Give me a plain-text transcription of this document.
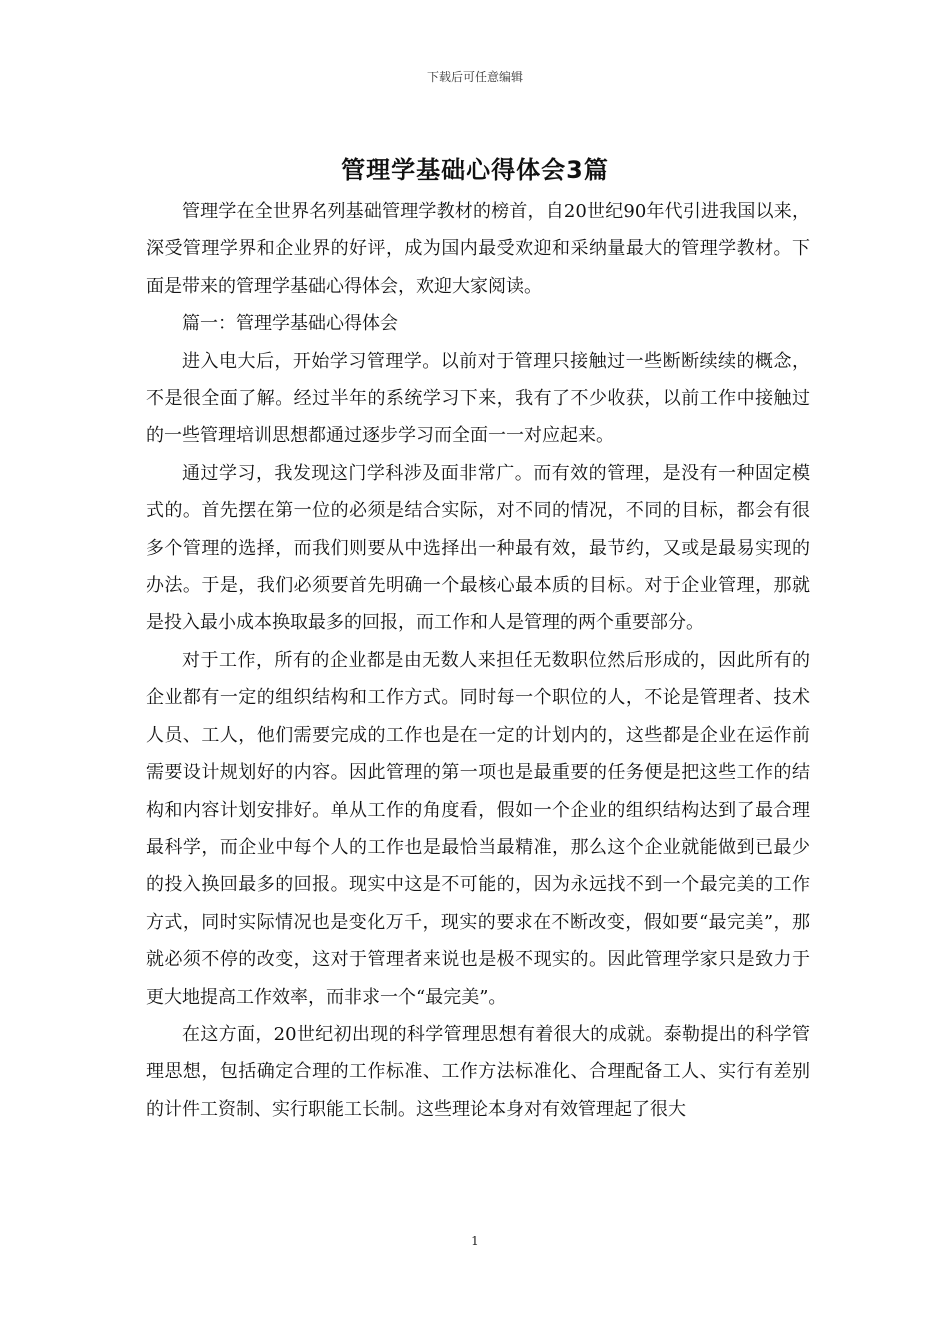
下载后可任意编辑
管理学基础心得体会3篇

管理学在全世界名列基础管理学教材的榜首，自20世纪90年代引进我国以来，深受管理学界和企业界的好评，成为国内最受欢迎和采纳量最大的管理学教材。下面是带来的管理学基础心得体会，欢迎大家阅读。

篇一：管理学基础心得体会

进入电大后，开始学习管理学。以前对于管理只接触过一些断断续续的概念，不是很全面了解。经过半年的系统学习下来，我有了不少收获，以前工作中接触过的一些管理培训思想都通过逐步学习而全面一一对应起来。

通过学习，我发现这门学科涉及面非常广。而有效的管理，是没有一种固定模式的。首先摆在第一位的必须是结合实际，对不同的情况，不同的目标，都会有很多个管理的选择，而我们则要从中选择出一种最有效，最节约，又或是最易实现的办法。于是，我们必须要首先明确一个最核心最本质的目标。对于企业管理，那就是投入最小成本换取最多的回报，而工作和人是管理的两个重要部分。

对于工作，所有的企业都是由无数人来担任无数职位然后形成的，因此所有的企业都有一定的组织结构和工作方式。同时每一个职位的人，不论是管理者、技术人员、工人，他们需要完成的工作也是在一定的计划内的，这些都是企业在运作前需要设计规划好的内容。因此管理的第一项也是最重要的任务便是把这些工作的结构和内容计划安排好。单从工作的角度看，假如一个企业的组织结构达到了最合理最科学，而企业中每个人的工作也是最恰当最精准，那么这个企业就能做到已最少的投入换回最多的回报。现实中这是不可能的，因为永远找不到一个最完美的工作方式，同时实际情况也是变化万千，现实的要求在不断改变，假如要“最完美”，那就必须不停的改变，这对于管理者来说也是极不现实的。因此管理学家只是致力于更大地提高工作效率，而非求一个“最完美”。

在这方面，20世纪初出现的科学管理思想有着很大的成就。泰勒提出的科学管理思想，包括确定合理的工作标准、工作方法标准化、合理配备工人、实行有差别的计件工资制、实行职能工长制。这些理论本身对有效管理起了很大

1
